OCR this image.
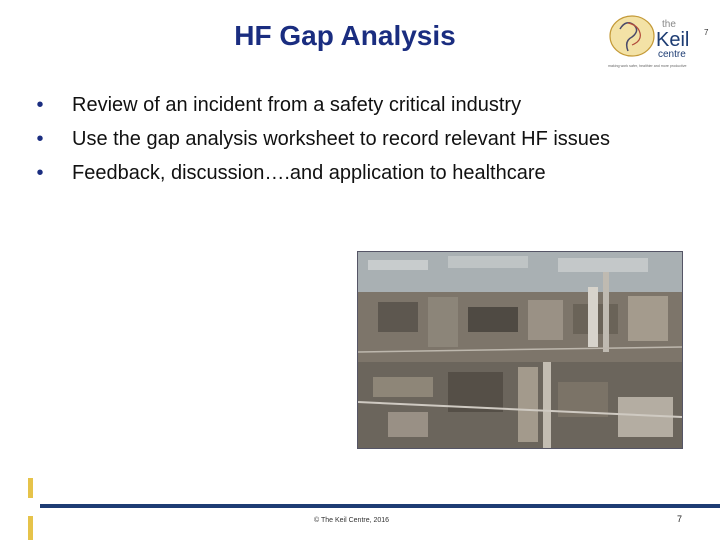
HF Gap Analysis	the
Keil
centre
making work safer, healthier and more productive
7
•	Review of an incident from a safety critical industry
•	Use the gap analysis worksheet to record relevant HF issues
•	Feedback, discussion….and application to healthcare
© The Keil Centre, 2016	7
